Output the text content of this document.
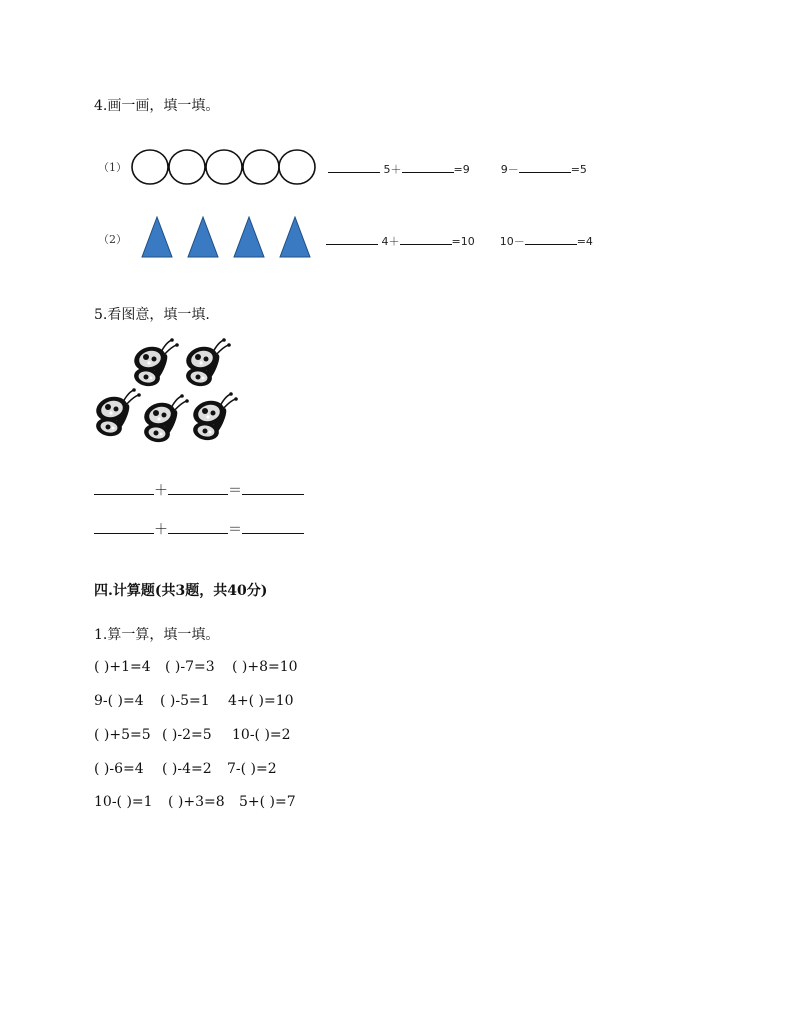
4.画一画，填一填。
（1）	5＋	=9	9－	=5
（2）	4＋	=10 10－	=4
5.看图意，填一填.
＋	＝
＋	＝
四.计算题(共3题，共40分)
1.算一算，填一填。
( )+1=4 ( )-7=3 ( )+8=10
9-( )=4 ( )-5=1 4+( )=10
( )+5=5 ( )-2=5 10-( )=2
( )-6=4 ( )-4=2 7-( )=2
10-( )=1 ( )+3=8 5+( )=7
